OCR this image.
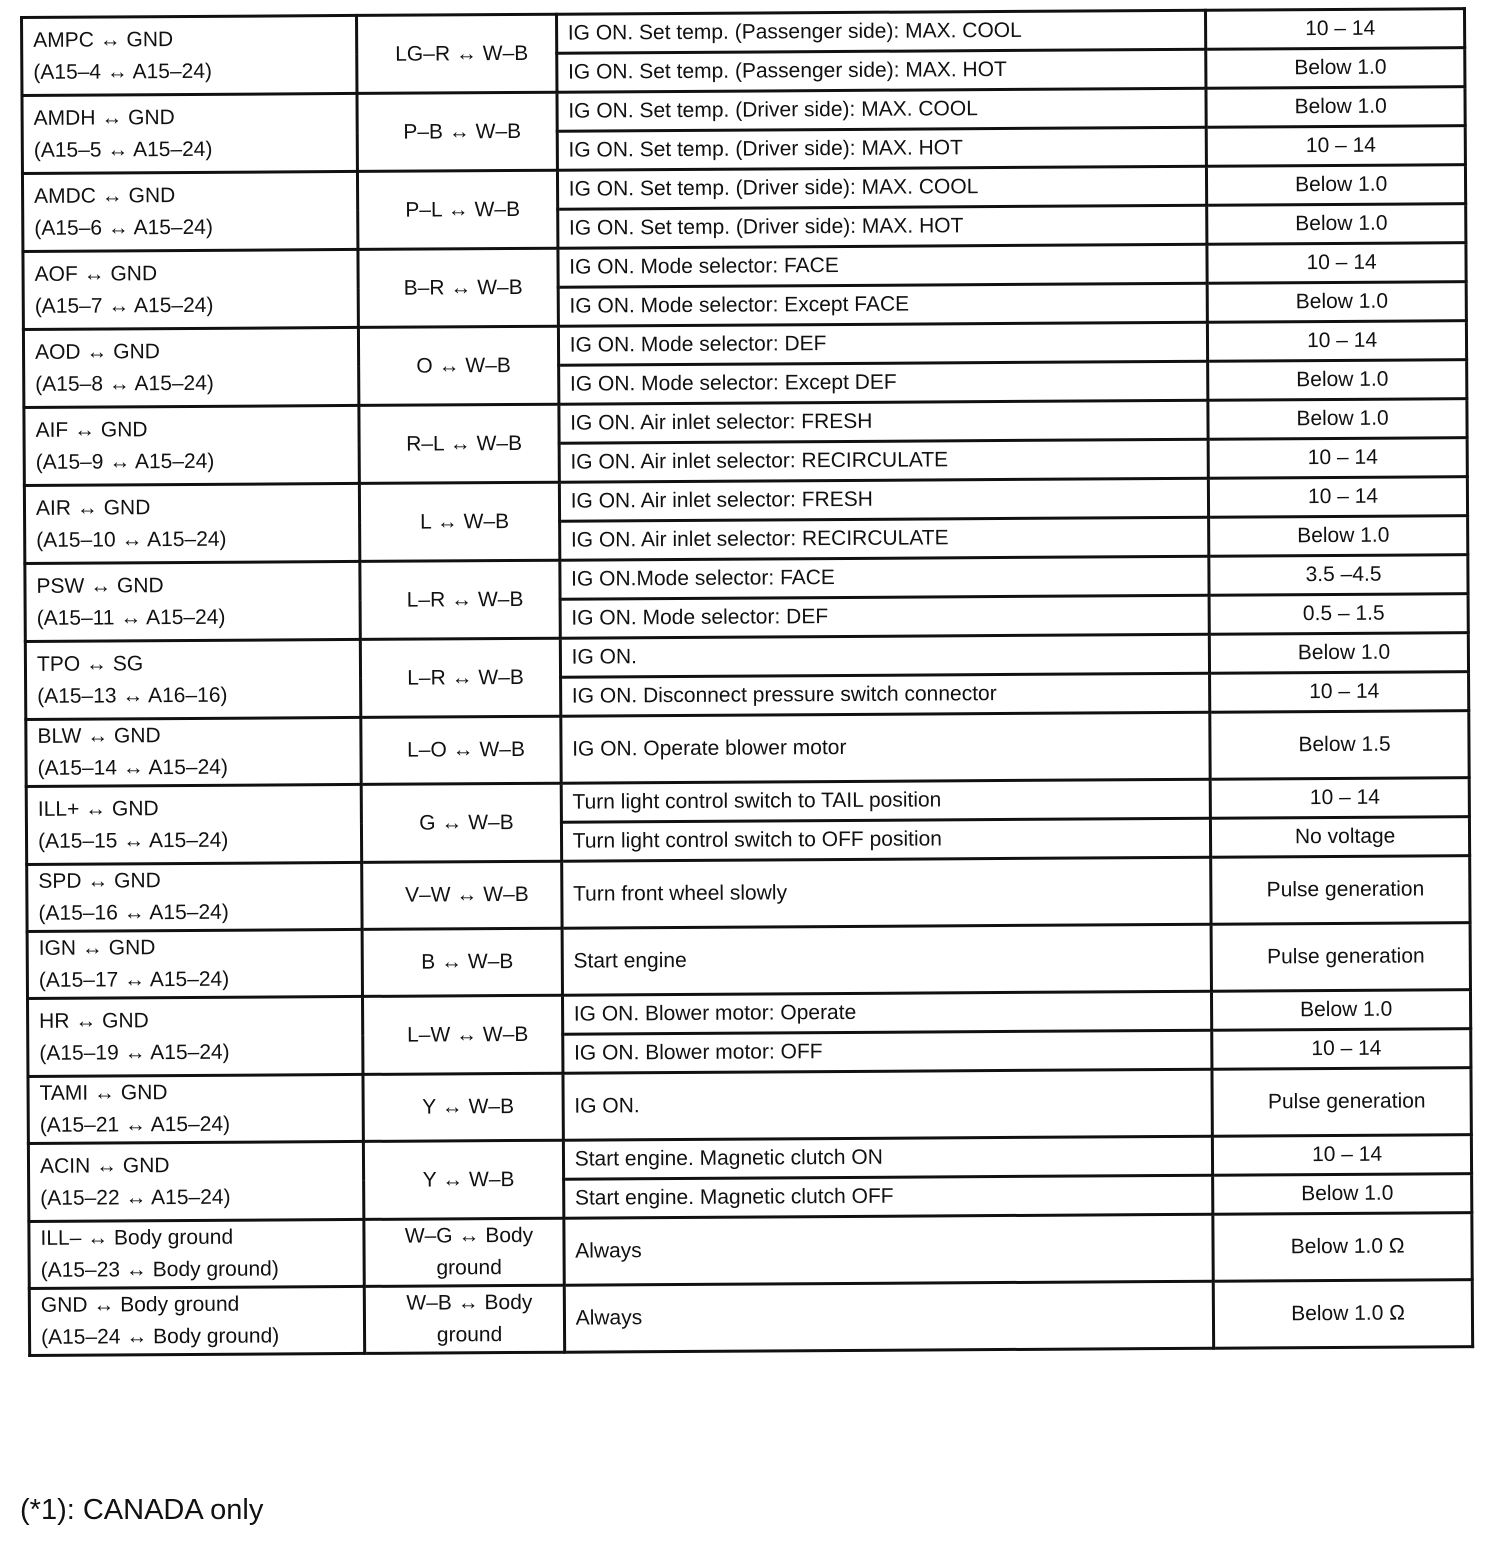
AMPC ↔ GND
(A15–4 ↔ A15–24)	LG–R ↔ W–B	IG ON. Set temp. (Passenger side): MAX. COOL	10 – 14
		IG ON. Set temp. (Passenger side): MAX. HOT	Below 1.0

AMDH ↔ GND
(A15–5 ↔ A15–24)	P–B ↔ W–B	IG ON. Set temp. (Driver side): MAX. COOL	Below 1.0
		IG ON. Set temp. (Driver side): MAX. HOT	10 – 14

AMDC ↔ GND
(A15–6 ↔ A15–24)	P–L ↔ W–B	IG ON. Set temp. (Driver side): MAX. COOL	Below 1.0
		IG ON. Set temp. (Driver side): MAX. HOT	Below 1.0

AOF ↔ GND
(A15–7 ↔ A15–24)	B–R ↔ W–B	IG ON. Mode selector: FACE	10 – 14
		IG ON. Mode selector: Except FACE	Below 1.0

AOD ↔ GND
(A15–8 ↔ A15–24)	O ↔ W–B	IG ON. Mode selector: DEF	10 – 14
		IG ON. Mode selector: Except DEF	Below 1.0

AIF ↔ GND
(A15–9 ↔ A15–24)	R–L ↔ W–B	IG ON. Air inlet selector: FRESH	Below 1.0
		IG ON. Air inlet selector: RECIRCULATE	10 – 14

AIR ↔ GND
(A15–10 ↔ A15–24)	L ↔ W–B	IG ON. Air inlet selector: FRESH	10 – 14
		IG ON. Air inlet selector: RECIRCULATE	Below 1.0

PSW ↔ GND
(A15–11 ↔ A15–24)	L–R ↔ W–B	IG ON.Mode selector: FACE	3.5 –4.5
		IG ON. Mode selector: DEF	0.5 – 1.5

TPO ↔ SG
(A15–13 ↔ A16–16)	L–R ↔ W–B	IG ON.	Below 1.0
		IG ON. Disconnect pressure switch connector	10 – 14

BLW ↔ GND
(A15–14 ↔ A15–24)	L–O ↔ W–B	IG ON. Operate blower motor	Below 1.5

ILL+ ↔ GND
(A15–15 ↔ A15–24)	G ↔ W–B	Turn light control switch to TAIL position	10 – 14
		Turn light control switch to OFF position	No voltage

SPD ↔ GND
(A15–16 ↔ A15–24)	V–W ↔ W–B	Turn front wheel slowly	Pulse generation

IGN ↔ GND
(A15–17 ↔ A15–24)	B ↔ W–B	Start engine	Pulse generation

HR ↔ GND
(A15–19 ↔ A15–24)	L–W ↔ W–B	IG ON. Blower motor: Operate	Below 1.0
		IG ON. Blower motor: OFF	10 – 14

TAMI ↔ GND
(A15–21 ↔ A15–24)	Y ↔ W–B	IG ON.	Pulse generation

ACIN ↔ GND
(A15–22 ↔ A15–24)	Y ↔ W–B	Start engine. Magnetic clutch ON	10 – 14
		Start engine. Magnetic clutch OFF	Below 1.0

ILL– ↔ Body ground
(A15–23 ↔ Body ground)	W–G ↔ Body ground	Always	Below 1.0 Ω

GND ↔ Body ground
(A15–24 ↔ Body ground)	W–B ↔ Body ground	Always	Below 1.0 Ω
(*1): CANADA only
